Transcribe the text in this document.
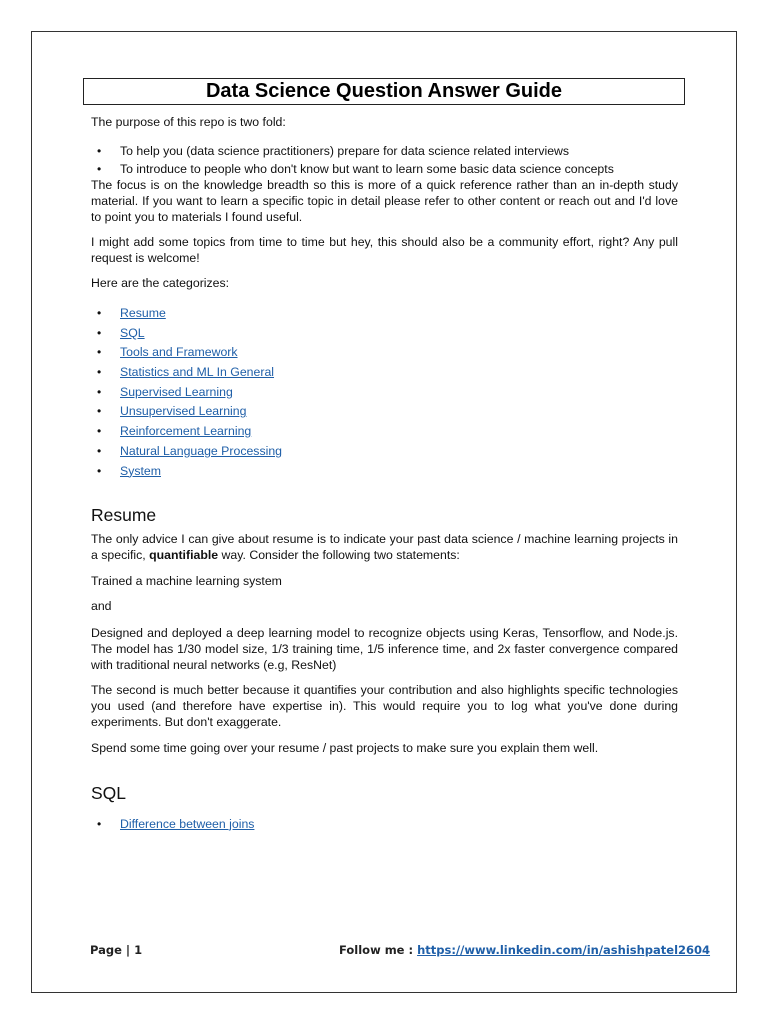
Data Science Question Answer Guide

The purpose of this repo is two fold:

• To help you (data science practitioners) prepare for data science related interviews
• To introduce to people who don't know but want to learn some basic data science concepts

The focus is on the knowledge breadth so this is more of a quick reference rather than an in-depth study material. If you want to learn a specific topic in detail please refer to other content or reach out and I'd love to point you to materials I found useful.

I might add some topics from time to time but hey, this should also be a community effort, right? Any pull request is welcome!

Here are the categorizes:

• Resume
• SQL
• Tools and Framework
• Statistics and ML In General
• Supervised Learning
• Unsupervised Learning
• Reinforcement Learning
• Natural Language Processing
• System
Resume

The only advice I can give about resume is to indicate your past data science / machine learning projects in a specific, quantifiable way. Consider the following two statements:

Trained a machine learning system

and

Designed and deployed a deep learning model to recognize objects using Keras, Tensorflow, and Node.js. The model has 1/30 model size, 1/3 training time, 1/5 inference time, and 2x faster convergence compared with traditional neural networks (e.g, ResNet)

The second is much better because it quantifies your contribution and also highlights specific technologies you used (and therefore have expertise in). This would require you to log what you've done during experiments. But don't exaggerate.

Spend some time going over your resume / past projects to make sure you explain them well.

SQL
• Difference between joins
Page | 1	Follow me : https://www.linkedin.com/in/ashishpatel2604
